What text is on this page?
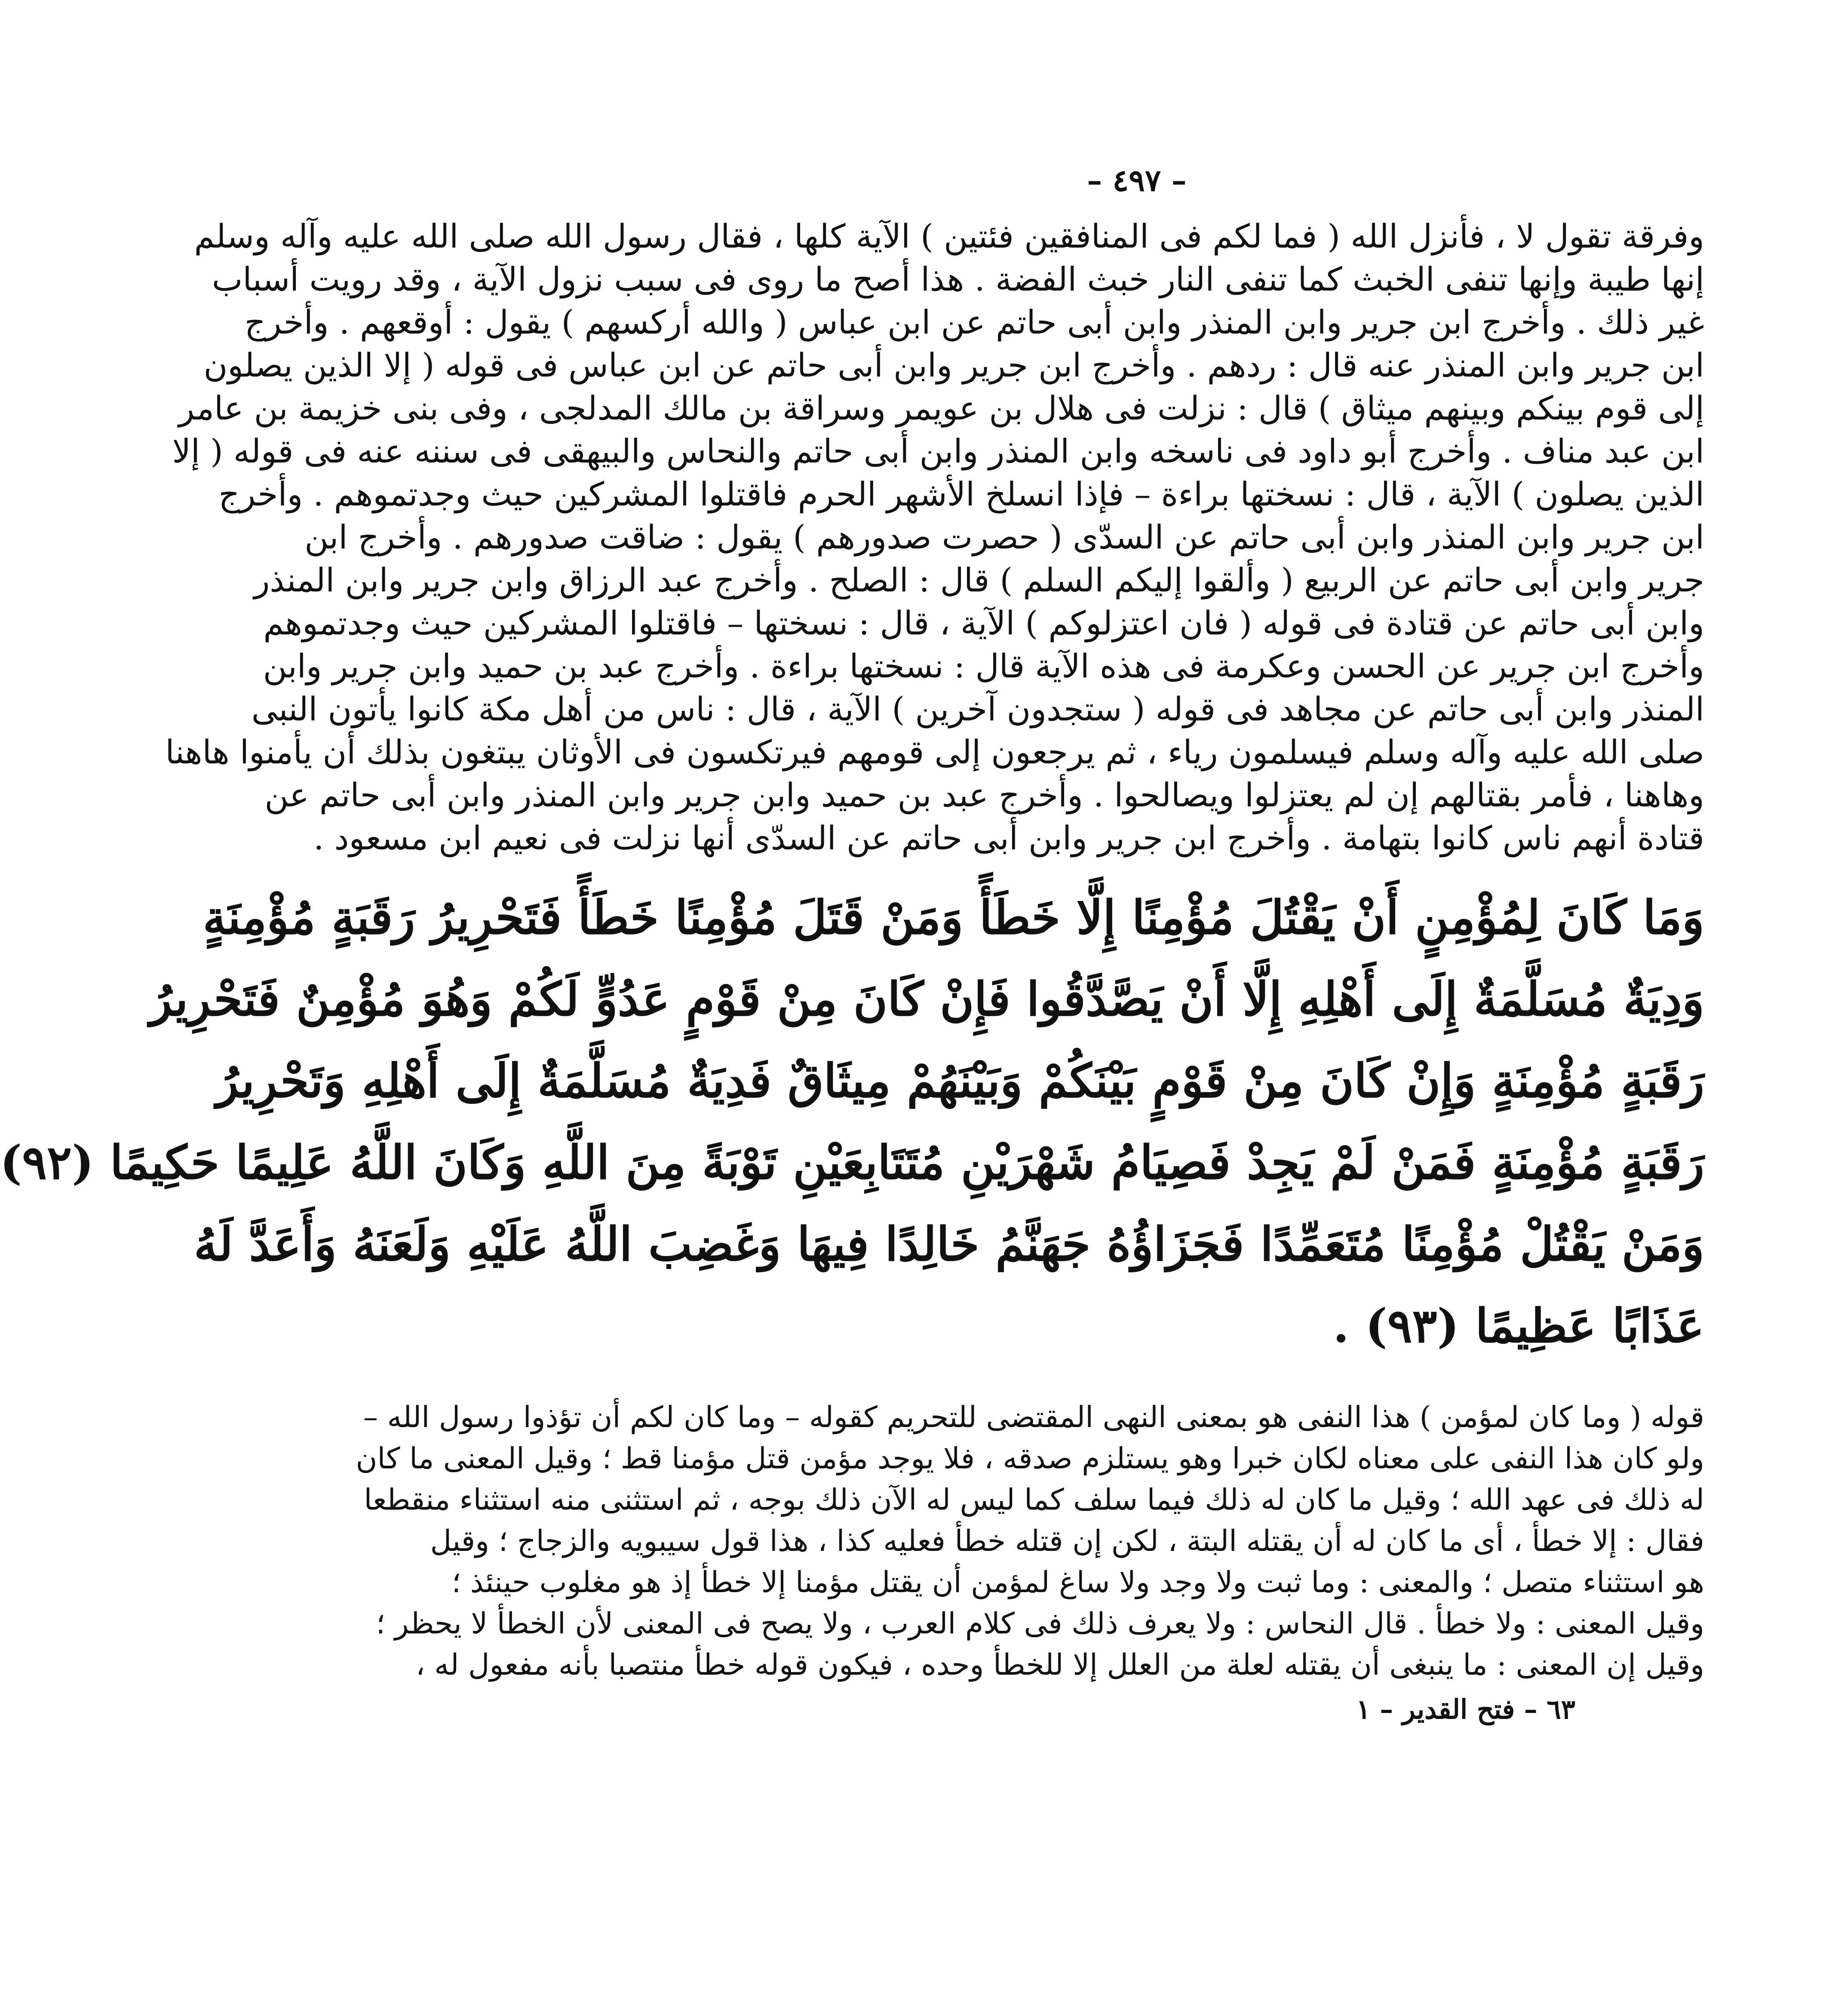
– ٤٩٧ –
وفرقة تقول لا ، فأنزل الله ( فما لكم فى المنافقين فئتين ) الآية كلها ، فقال رسول الله صلى الله عليه وآله وسلم
إنها طيبة وإنها تنفى الخبث كما تنفى النار خبث الفضة . هذا أصح ما روى فى سبب نزول الآية ، وقد رويت أسباب
غير ذلك . وأخرج ابن جرير وابن المنذر وابن أبى حاتم عن ابن عباس ( والله أركسهم ) يقول : أوقعهم . وأخرج
ابن جرير وابن المنذر عنه قال : ردهم . وأخرج ابن جرير وابن أبى حاتم عن ابن عباس فى قوله ( إلا الذين يصلون
إلى قوم بينكم وبينهم ميثاق ) قال : نزلت فى هلال بن عويمر وسراقة بن مالك المدلجى ، وفى بنى خزيمة بن عامر
ابن عبد مناف . وأخرج أبو داود فى ناسخه وابن المنذر وابن أبى حاتم والنحاس والبيهقى فى سننه عنه فى قوله ( إلا
الذين يصلون ) الآية ، قال : نسختها براءة – فإذا انسلخ الأشهر الحرم فاقتلوا المشركين حيث وجدتموهم . وأخرج
ابن جرير وابن المنذر وابن أبى حاتم عن السدّى ( حصرت صدورهم ) يقول : ضاقت صدورهم . وأخرج ابن
جرير وابن أبى حاتم عن الربيع ( وألقوا إليكم السلم ) قال : الصلح . وأخرج عبد الرزاق وابن جرير وابن المنذر
وابن أبى حاتم عن قتادة فى قوله ( فان اعتزلوكم ) الآية ، قال : نسختها – فاقتلوا المشركين حيث وجدتموهم
وأخرج ابن جرير عن الحسن وعكرمة فى هذه الآية قال : نسختها براءة . وأخرج عبد بن حميد وابن جرير وابن
المنذر وابن أبى حاتم عن مجاهد فى قوله ( ستجدون آخرين ) الآية ، قال : ناس من أهل مكة كانوا يأتون النبى
صلى الله عليه وآله وسلم فيسلمون رياء ، ثم يرجعون إلى قومهم فيرتكسون فى الأوثان يبتغون بذلك أن يأمنوا هاهنا
وهاهنا ، فأمر بقتالهم إن لم يعتزلوا ويصالحوا . وأخرج عبد بن حميد وابن جرير وابن المنذر وابن أبى حاتم عن
قتادة أنهم ناس كانوا بتهامة . وأخرج ابن جرير وابن أبى حاتم عن السدّى أنها نزلت فى نعيم ابن مسعود .
وَمَا كَانَ لِمُؤْمِنٍ أَنْ يَقْتُلَ مُؤْمِنًا إِلَّا خَطَأً وَمَنْ قَتَلَ مُؤْمِنًا خَطَأً فَتَحْرِيرُ رَقَبَةٍ مُؤْمِنَةٍ
وَدِيَةٌ مُسَلَّمَةٌ إِلَى أَهْلِهِ إِلَّا أَنْ يَصَّدَّقُوا فَإِنْ كَانَ مِنْ قَوْمٍ عَدُوٍّ لَكُمْ وَهُوَ مُؤْمِنٌ فَتَحْرِيرُ
رَقَبَةٍ مُؤْمِنَةٍ وَإِنْ كَانَ مِنْ قَوْمٍ بَيْنَكُمْ وَبَيْنَهُمْ مِيثَاقٌ فَدِيَةٌ مُسَلَّمَةٌ إِلَى أَهْلِهِ وَتَحْرِيرُ
رَقَبَةٍ مُؤْمِنَةٍ فَمَنْ لَمْ يَجِدْ فَصِيَامُ شَهْرَيْنِ مُتَتَابِعَيْنِ تَوْبَةً مِنَ اللَّهِ وَكَانَ اللَّهُ عَلِيمًا حَكِيمًا (٩٢)
وَمَنْ يَقْتُلْ مُؤْمِنًا مُتَعَمِّدًا فَجَزَاؤُهُ جَهَنَّمُ خَالِدًا فِيهَا وَغَضِبَ اللَّهُ عَلَيْهِ وَلَعَنَهُ وَأَعَدَّ لَهُ
عَذَابًا عَظِيمًا (٩٣) .
قوله ( وما كان لمؤمن ) هذا النفى هو بمعنى النهى المقتضى للتحريم كقوله – وما كان لكم أن تؤذوا رسول الله –
ولو كان هذا النفى على معناه لكان خبرا وهو يستلزم صدقه ، فلا يوجد مؤمن قتل مؤمنا قط ؛ وقيل المعنى ما كان
له ذلك فى عهد الله ؛ وقيل ما كان له ذلك فيما سلف كما ليس له الآن ذلك بوجه ، ثم استثنى منه استثناء منقطعا
فقال : إلا خطأ ، أى ما كان له أن يقتله البتة ، لكن إن قتله خطأ فعليه كذا ، هذا قول سيبويه والزجاج ؛ وقيل
هو استثناء متصل ؛ والمعنى : وما ثبت ولا وجد ولا ساغ لمؤمن أن يقتل مؤمنا إلا خطأ إذ هو مغلوب حينئذ ؛
وقيل المعنى : ولا خطأ . قال النحاس : ولا يعرف ذلك فى كلام العرب ، ولا يصح فى المعنى لأن الخطأ لا يحظر ؛
وقيل إن المعنى : ما ينبغى أن يقتله لعلة من العلل إلا للخطأ وحده ، فيكون قوله خطأ منتصبا بأنه مفعول له ،
٦٣ – فتح القدير – ١
